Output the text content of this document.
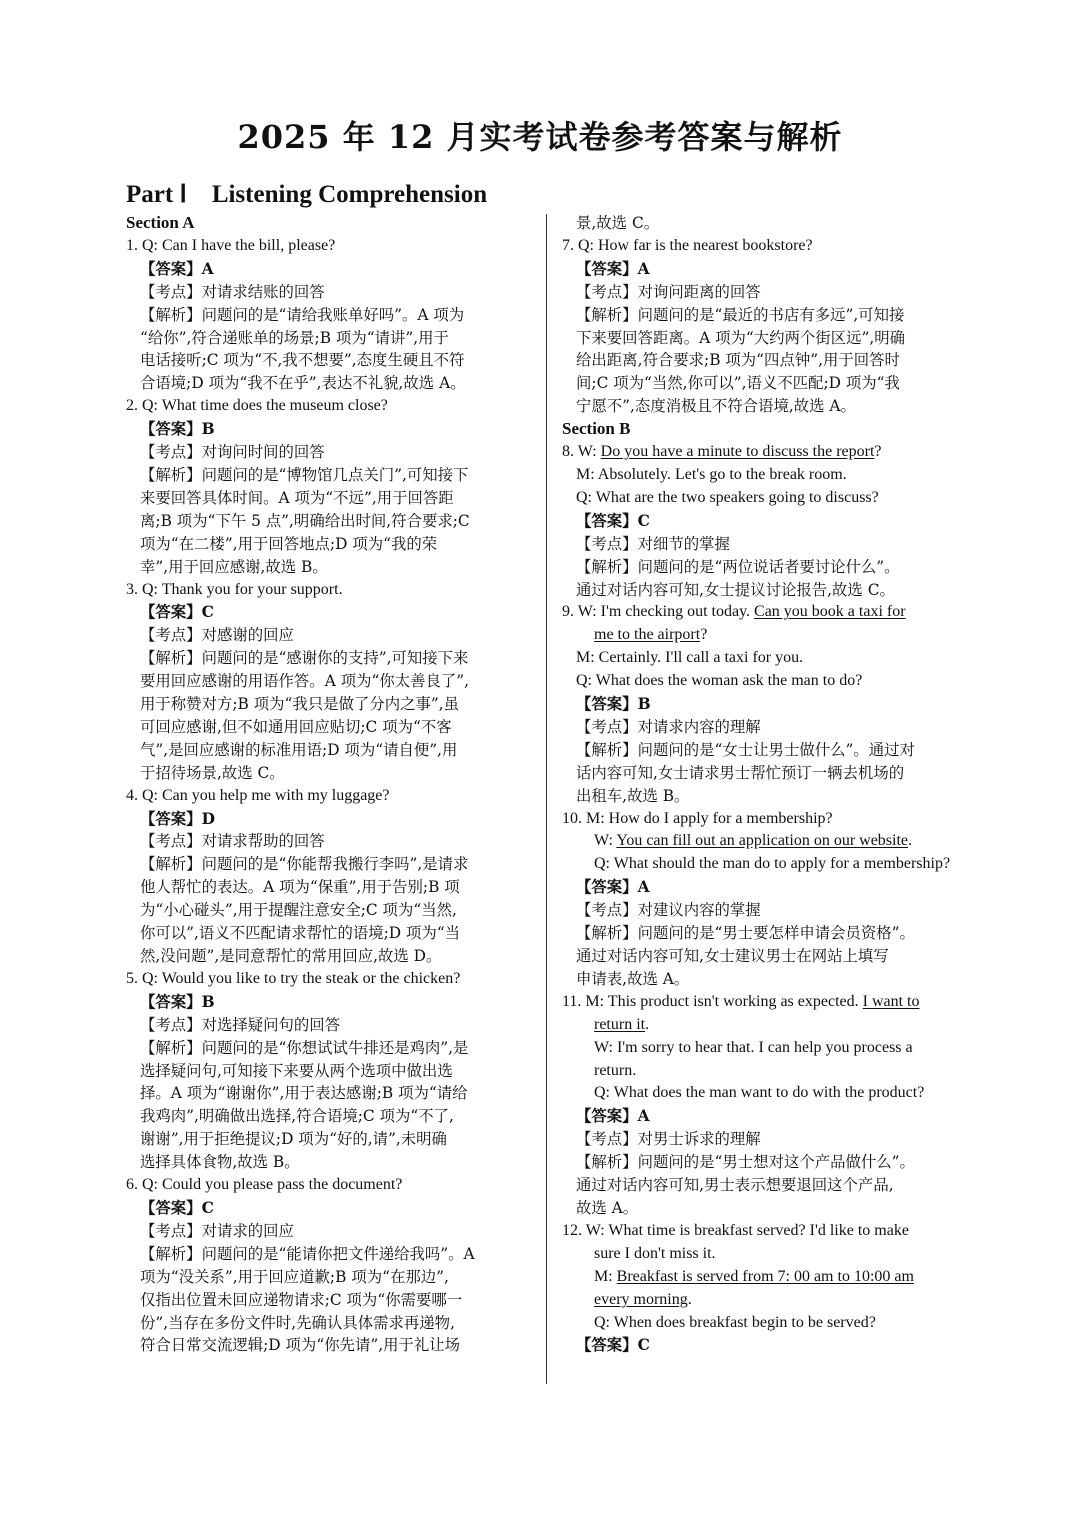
2025 年 12 月实考试卷参考答案与解析
Part Ⅰ　Listening Comprehension
Section A
1. Q: Can I have the bill, please?
【答案】A
【考点】对请求结账的回答
【解析】问题问的是“请给我账单好吗”。A 项为
“给你”,符合递账单的场景;B 项为“请讲”,用于
电话接听;C 项为“不,我不想要”,态度生硬且不符
合语境;D 项为“我不在乎”,表达不礼貌,故选 A。
2. Q: What time does the museum close?
【答案】B
【考点】对询问时间的回答
【解析】问题问的是“博物馆几点关门”,可知接下
来要回答具体时间。A 项为“不远”,用于回答距
离;B 项为“下午 5 点”,明确给出时间,符合要求;C
项为“在二楼”,用于回答地点;D 项为“我的荣
幸”,用于回应感谢,故选 B。
3. Q: Thank you for your support.
【答案】C
【考点】对感谢的回应
【解析】问题问的是“感谢你的支持”,可知接下来
要用回应感谢的用语作答。A 项为“你太善良了”,
用于称赞对方;B 项为“我只是做了分内之事”,虽
可回应感谢,但不如通用回应贴切;C 项为“不客
气”,是回应感谢的标准用语;D 项为“请自便”,用
于招待场景,故选 C。
4. Q: Can you help me with my luggage?
【答案】D
【考点】对请求帮助的回答
【解析】问题问的是“你能帮我搬行李吗”,是请求
他人帮忙的表达。A 项为“保重”,用于告别;B 项
为“小心碰头”,用于提醒注意安全;C 项为“当然,
你可以”,语义不匹配请求帮忙的语境;D 项为“当
然,没问题”,是同意帮忙的常用回应,故选 D。
5. Q: Would you like to try the steak or the chicken?
【答案】B
【考点】对选择疑问句的回答
【解析】问题问的是“你想试试牛排还是鸡肉”,是
选择疑问句,可知接下来要从两个选项中做出选
择。A 项为“谢谢你”,用于表达感谢;B 项为“请给
我鸡肉”,明确做出选择,符合语境;C 项为“不了,
谢谢”,用于拒绝提议;D 项为“好的,请”,未明确
选择具体食物,故选 B。
6. Q: Could you please pass the document?
【答案】C
【考点】对请求的回应
【解析】问题问的是“能请你把文件递给我吗”。A
项为“没关系”,用于回应道歉;B 项为“在那边”,
仅指出位置未回应递物请求;C 项为“你需要哪一
份”,当存在多份文件时,先确认具体需求再递物,
符合日常交流逻辑;D 项为“你先请”,用于礼让场
景,故选 C。
7. Q: How far is the nearest bookstore?
【答案】A
【考点】对询问距离的回答
【解析】问题问的是“最近的书店有多远”,可知接
下来要回答距离。A 项为“大约两个街区远”,明确
给出距离,符合要求;B 项为“四点钟”,用于回答时
间;C 项为“当然,你可以”,语义不匹配;D 项为“我
宁愿不”,态度消极且不符合语境,故选 A。
Section B
8. W: Do you have a minute to discuss the report?
M: Absolutely. Let's go to the break room.
Q: What are the two speakers going to discuss?
【答案】C
【考点】对细节的掌握
【解析】问题问的是“两位说话者要讨论什么”。
通过对话内容可知,女士提议讨论报告,故选 C。
9. W: I'm checking out today. Can you book a taxi for
me to the airport?
M: Certainly. I'll call a taxi for you.
Q: What does the woman ask the man to do?
【答案】B
【考点】对请求内容的理解
【解析】问题问的是“女士让男士做什么”。通过对
话内容可知,女士请求男士帮忙预订一辆去机场的
出租车,故选 B。
10. M: How do I apply for a membership?
W: You can fill out an application on our website.
Q: What should the man do to apply for a membership?
【答案】A
【考点】对建议内容的掌握
【解析】问题问的是“男士要怎样申请会员资格”。
通过对话内容可知,女士建议男士在网站上填写
申请表,故选 A。
11. M: This product isn't working as expected. I want to
return it.
W: I'm sorry to hear that. I can help you process a
return.
Q: What does the man want to do with the product?
【答案】A
【考点】对男士诉求的理解
【解析】问题问的是“男士想对这个产品做什么”。
通过对话内容可知,男士表示想要退回这个产品,
故选 A。
12. W: What time is breakfast served? I'd like to make
sure I don't miss it.
M: Breakfast is served from 7: 00 am to 10:00 am
every morning.
Q: When does breakfast begin to be served?
【答案】C
